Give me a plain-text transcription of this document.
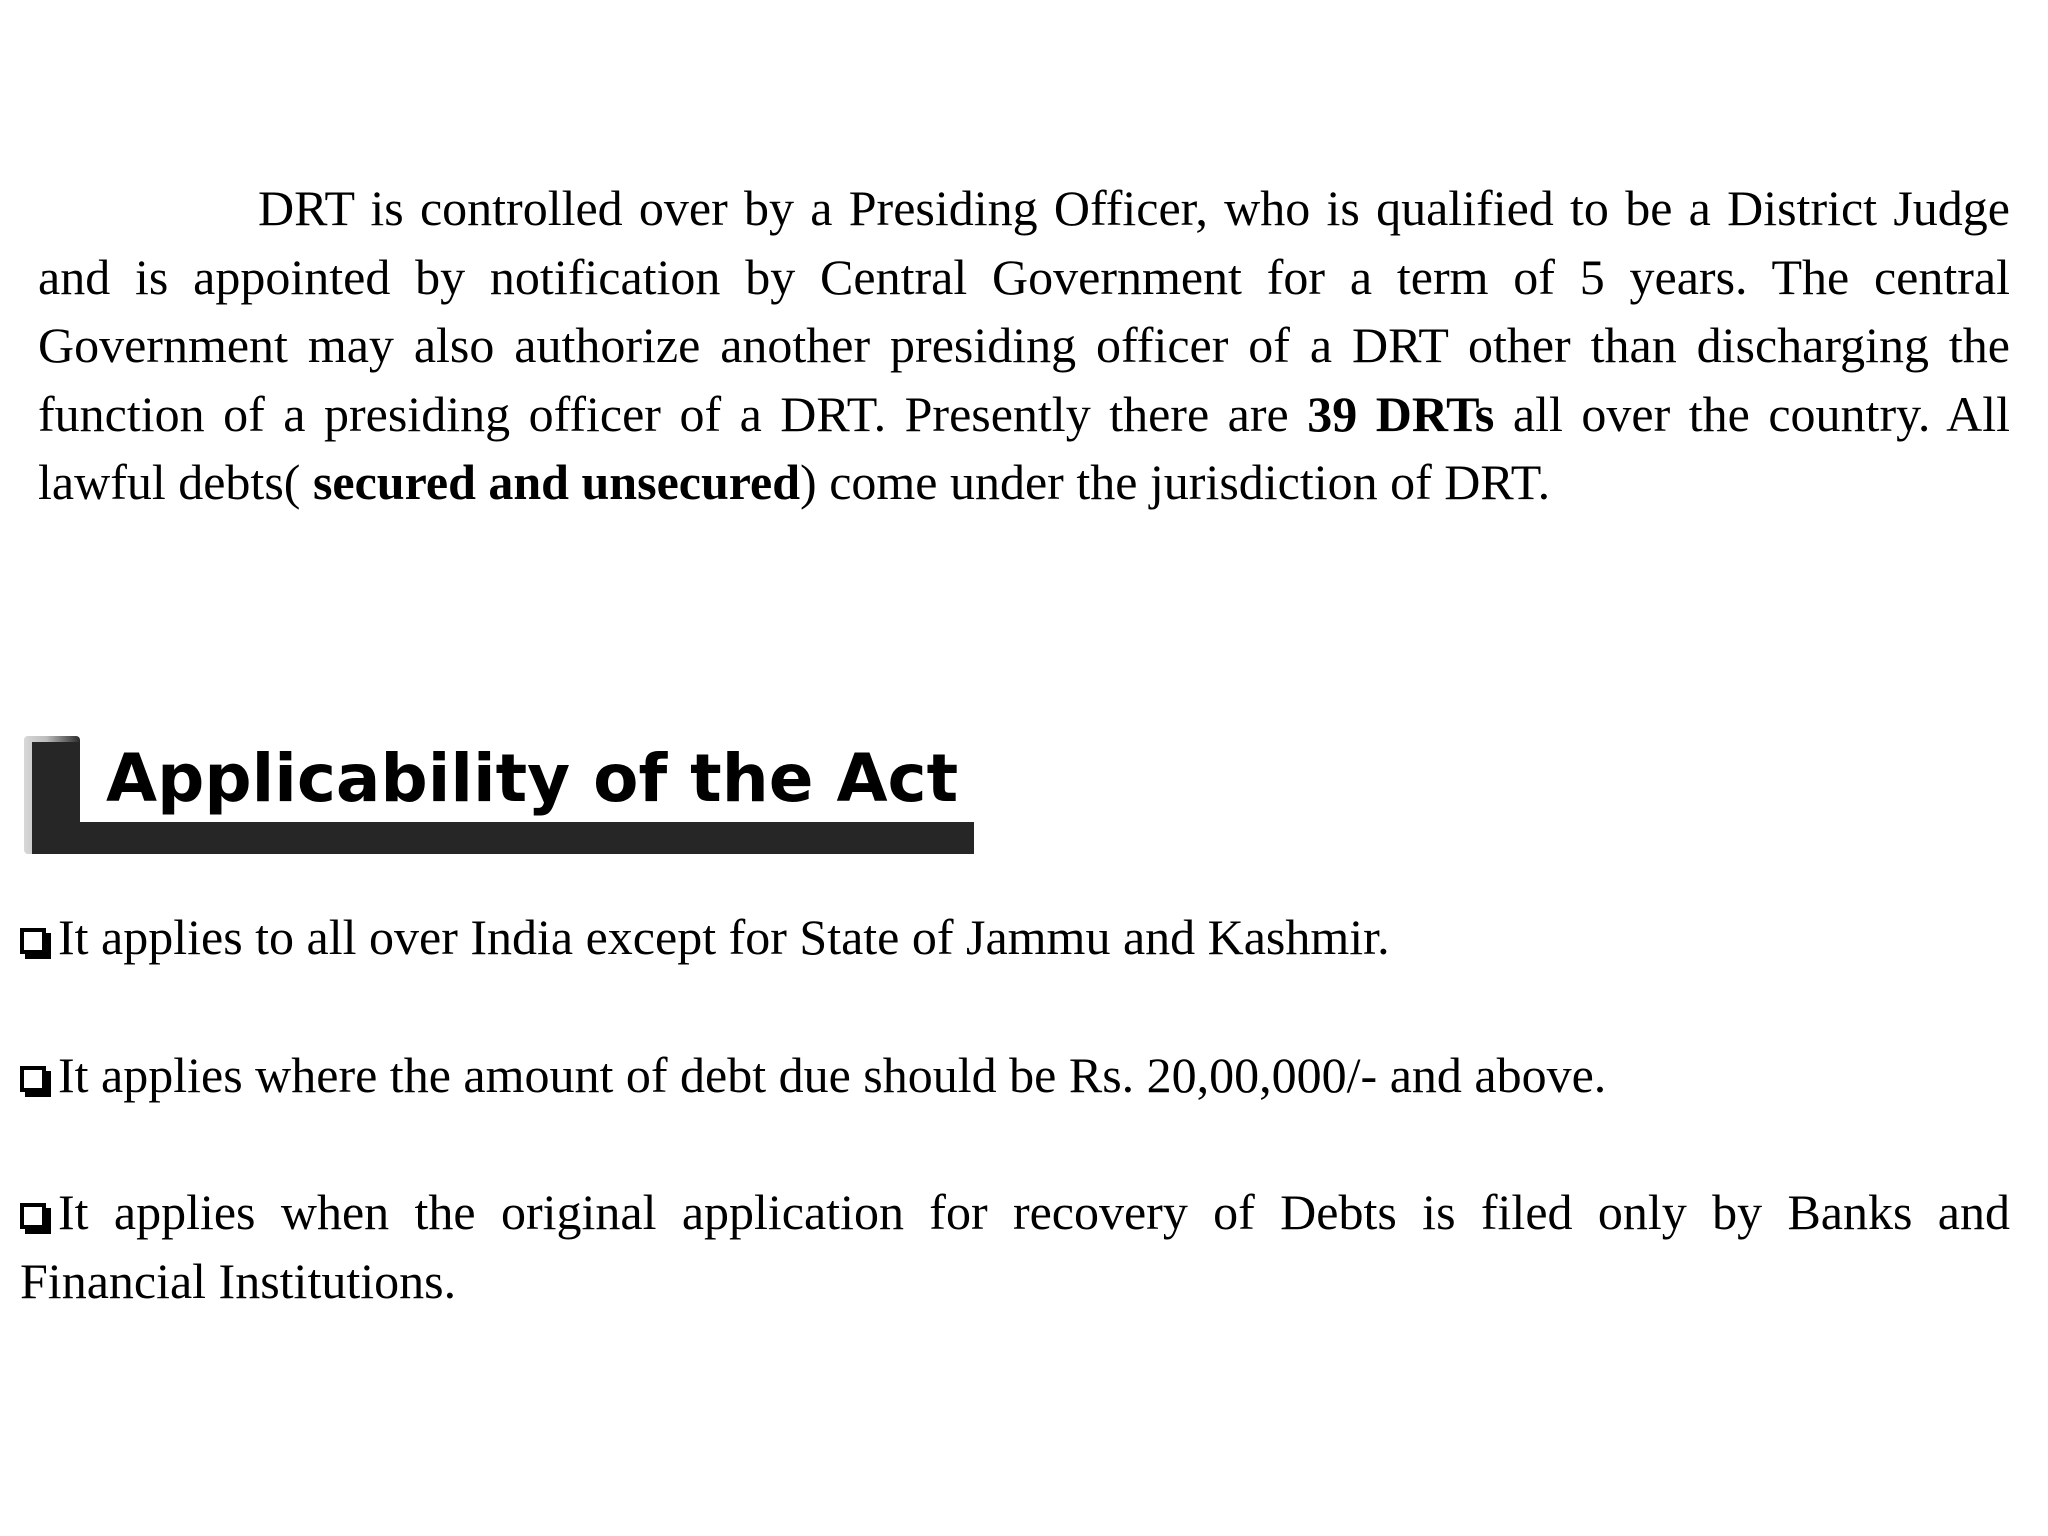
DRT is controlled over by a Presiding Officer, who is qualified to be a District Judge and is appointed by notification by Central Government for a term of 5 years. The central Government may also authorize another presiding officer of a DRT other than discharging the function of a presiding officer of a DRT. Presently there are 39 DRTs all over the country. All lawful debts( secured and unsecured) come under the jurisdiction of DRT.

Applicability of the Act
It applies to all over India except for State of Jammu and Kashmir.
It applies where the amount of debt due should be Rs. 20,00,000/- and above.
It applies when the original application for recovery of Debts is filed only by Banks and Financial Institutions.
